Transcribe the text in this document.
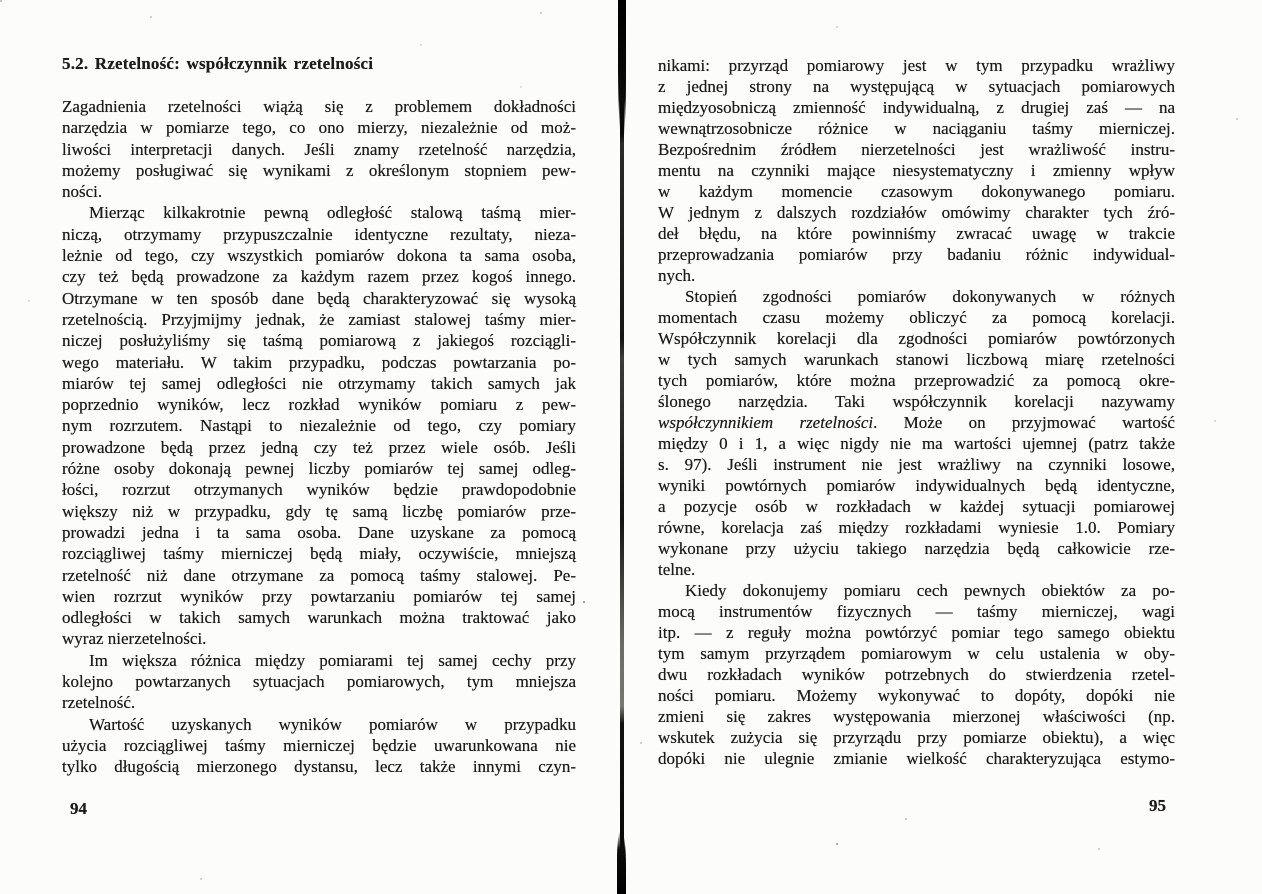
5.2. Rzetelność: współczynnik rzetelności
Zagadnienia rzetelności wiążą się z problemem dokładności
narzędzia w pomiarze tego, co ono mierzy, niezależnie od moż-
liwości interpretacji danych. Jeśli znamy rzetelność narzędzia,
możemy posługiwać się wynikami z określonym stopniem pew-
ności.
Mierząc kilkakrotnie pewną odległość stalową taśmą mier-
niczą, otrzymamy przypuszczalnie identyczne rezultaty, nieza-
leżnie od tego, czy wszystkich pomiarów dokona ta sama osoba,
czy też będą prowadzone za każdym razem przez kogoś innego.
Otrzymane w ten sposób dane będą charakteryzować się wysoką
rzetelnością. Przyjmijmy jednak, że zamiast stalowej taśmy mier-
niczej posłużyliśmy się taśmą pomiarową z jakiegoś rozciągli-
wego materiału. W takim przypadku, podczas powtarzania po-
miarów tej samej odległości nie otrzymamy takich samych jak
poprzednio wyników, lecz rozkład wyników pomiaru z pew-
nym rozrzutem. Nastąpi to niezależnie od tego, czy pomiary
prowadzone będą przez jedną czy też przez wiele osób. Jeśli
różne osoby dokonają pewnej liczby pomiarów tej samej odleg-
łości, rozrzut otrzymanych wyników będzie prawdopodobnie
większy niż w przypadku, gdy tę samą liczbę pomiarów prze-
prowadzi jedna i ta sama osoba. Dane uzyskane za pomocą
rozciągliwej taśmy mierniczej będą miały, oczywiście, mniejszą
rzetelność niż dane otrzymane za pomocą taśmy stalowej. Pe-
wien rozrzut wyników przy powtarzaniu pomiarów tej samej
odległości w takich samych warunkach można traktować jako
wyraz nierzetelności.
Im większa różnica między pomiarami tej samej cechy przy
kolejno powtarzanych sytuacjach pomiarowych, tym mniejsza
rzetelność.
Wartość uzyskanych wyników pomiarów w przypadku
użycia rozciągliwej taśmy mierniczej będzie uwarunkowana nie
tylko długością mierzonego dystansu, lecz także innymi czyn-
94
nikami: przyrząd pomiarowy jest w tym przypadku wrażliwy
z jednej strony na występującą w sytuacjach pomiarowych
międzyosobniczą zmienność indywidualną, z drugiej zaś — na
wewnątrzosobnicze różnice w naciąganiu taśmy mierniczej.
Bezpośrednim źródłem nierzetelności jest wrażliwość instru-
mentu na czynniki mające niesystematyczny i zmienny wpływ
w każdym momencie czasowym dokonywanego pomiaru.
W jednym z dalszych rozdziałów omówimy charakter tych źró-
deł błędu, na które powinniśmy zwracać uwagę w trakcie
przeprowadzania pomiarów przy badaniu różnic indywidual-
nych.
Stopień zgodności pomiarów dokonywanych w różnych
momentach czasu możemy obliczyć za pomocą korelacji.
Współczynnik korelacji dla zgodności pomiarów powtórzonych
w tych samych warunkach stanowi liczbową miarę rzetelności
tych pomiarów, które można przeprowadzić za pomocą okre-
ślonego narzędzia. Taki współczynnik korelacji nazywamy
współczynnikiem rzetelności. Może on przyjmować wartość
między 0 i 1, a więc nigdy nie ma wartości ujemnej (patrz także
s. 97). Jeśli instrument nie jest wrażliwy na czynniki losowe,
wyniki powtórnych pomiarów indywidualnych będą identyczne,
a pozycje osób w rozkładach w każdej sytuacji pomiarowej
równe, korelacja zaś między rozkładami wyniesie 1.0. Pomiary
wykonane przy użyciu takiego narzędzia będą całkowicie rze-
telne.
Kiedy dokonujemy pomiaru cech pewnych obiektów za po-
mocą instrumentów fizycznych — taśmy mierniczej, wagi
itp. — z reguły można powtórzyć pomiar tego samego obiektu
tym samym przyrządem pomiarowym w celu ustalenia w oby-
dwu rozkładach wyników potrzebnych do stwierdzenia rzetel-
ności pomiaru. Możemy wykonywać to dopóty, dopóki nie
zmieni się zakres występowania mierzonej właściwości (np.
wskutek zużycia się przyrządu przy pomiarze obiektu), a więc
dopóki nie ulegnie zmianie wielkość charakteryzująca estymo-
95
